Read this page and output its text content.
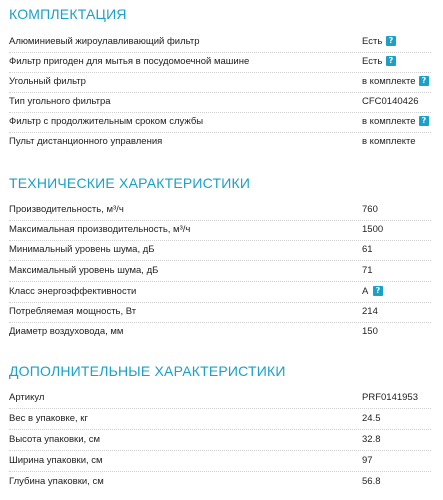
КОМПЛЕКТАЦИЯ
Алюминиевый жироулавливающий фильтр	Есть ?
Фильтр пригоден для мытья в посудомоечной машине	Есть ?
Угольный фильтр	в комплекте ?
Тип угольного фильтра	CFC0140426
Фильтр с продолжительным сроком службы	в комплекте ?
Пульт дистанционного управления	в комплекте
ТЕХНИЧЕСКИЕ ХАРАКТЕРИСТИКИ
Производительность, м³/ч	760
Максимальная производительность, м³/ч	1500
Минимальный уровень шума, дБ	61
Максимальный уровень шума, дБ	71
Класс энергоэффективности	A ?
Потребляемая мощность, Вт	214
Диаметр воздуховода, мм	150
ДОПОЛНИТЕЛЬНЫЕ ХАРАКТЕРИСТИКИ
Артикул	PRF0141953
Вес в упаковке, кг	24.5
Высота упаковки, см	32.8
Ширина упаковки, см	97
Глубина упаковки, см	56.8
